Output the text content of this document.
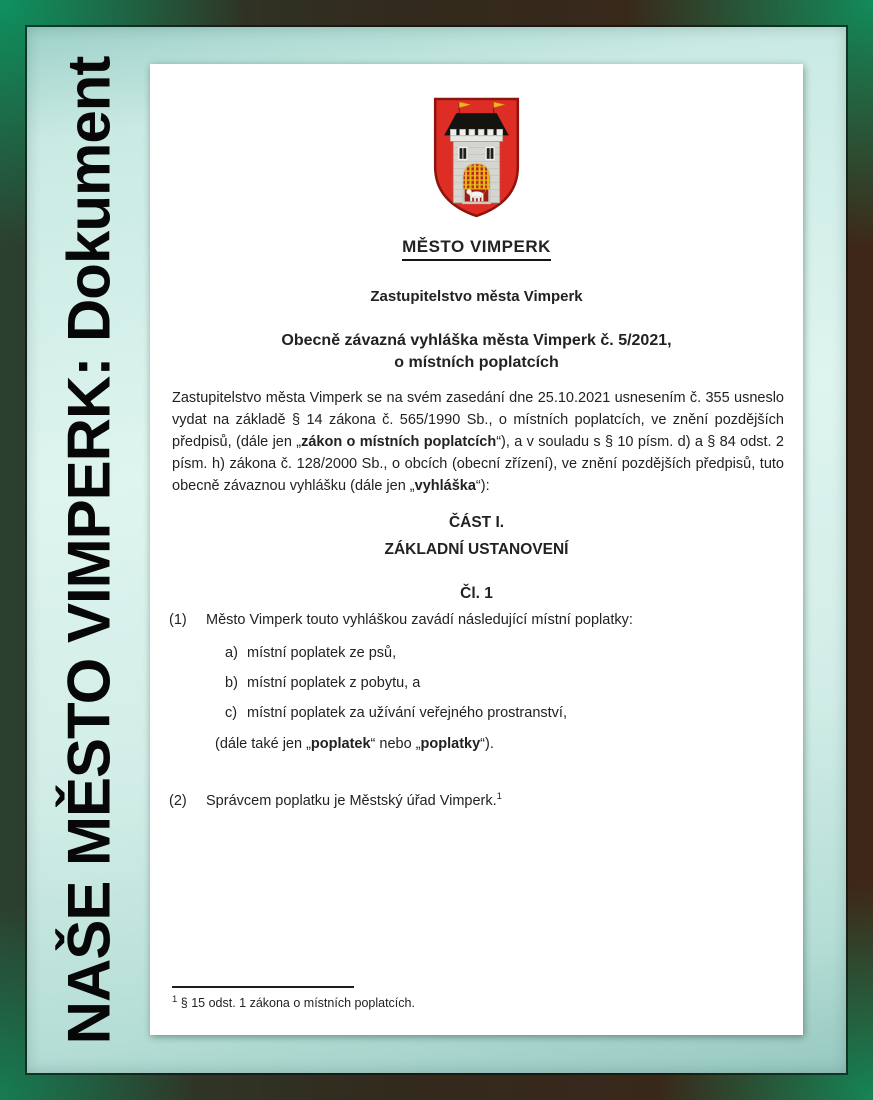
NAŠE MĚSTO VIMPERK: Dokument	MĚSTO VIMPERK
Zastupitelstvo města Vimperk
Obecně závazná vyhláška města Vimperk č. 5/2021,
o místních poplatcích

Zastupitelstvo města Vimperk se na svém zasedání dne 25.10.2021 usnesením č. 355 usneslo vydat na základě § 14 zákona č. 565/1990 Sb., o místních poplatcích, ve znění pozdějších předpisů, (dále jen „zákon o místních poplatcích“), a v souladu s § 10 písm. d) a § 84 odst. 2 písm. h) zákona č. 128/2000 Sb., o obcích (obecní zřízení), ve znění pozdějších předpisů, tuto obecně závaznou vyhlášku (dále jen „vyhláška“):

ČÁST I.
ZÁKLADNÍ USTANOVENÍ
Čl. 1
(1) Město Vimperk touto vyhláškou zavádí následující místní poplatky:
a) místní poplatek ze psů,
b) místní poplatek z pobytu, a
c) místní poplatek za užívání veřejného prostranství,
(dále také jen „poplatek“ nebo „poplatky“).
(2) Správcem poplatku je Městský úřad Vimperk.$^1$
$^1$ § 15 odst. 1 zákona o místních poplatcích.
